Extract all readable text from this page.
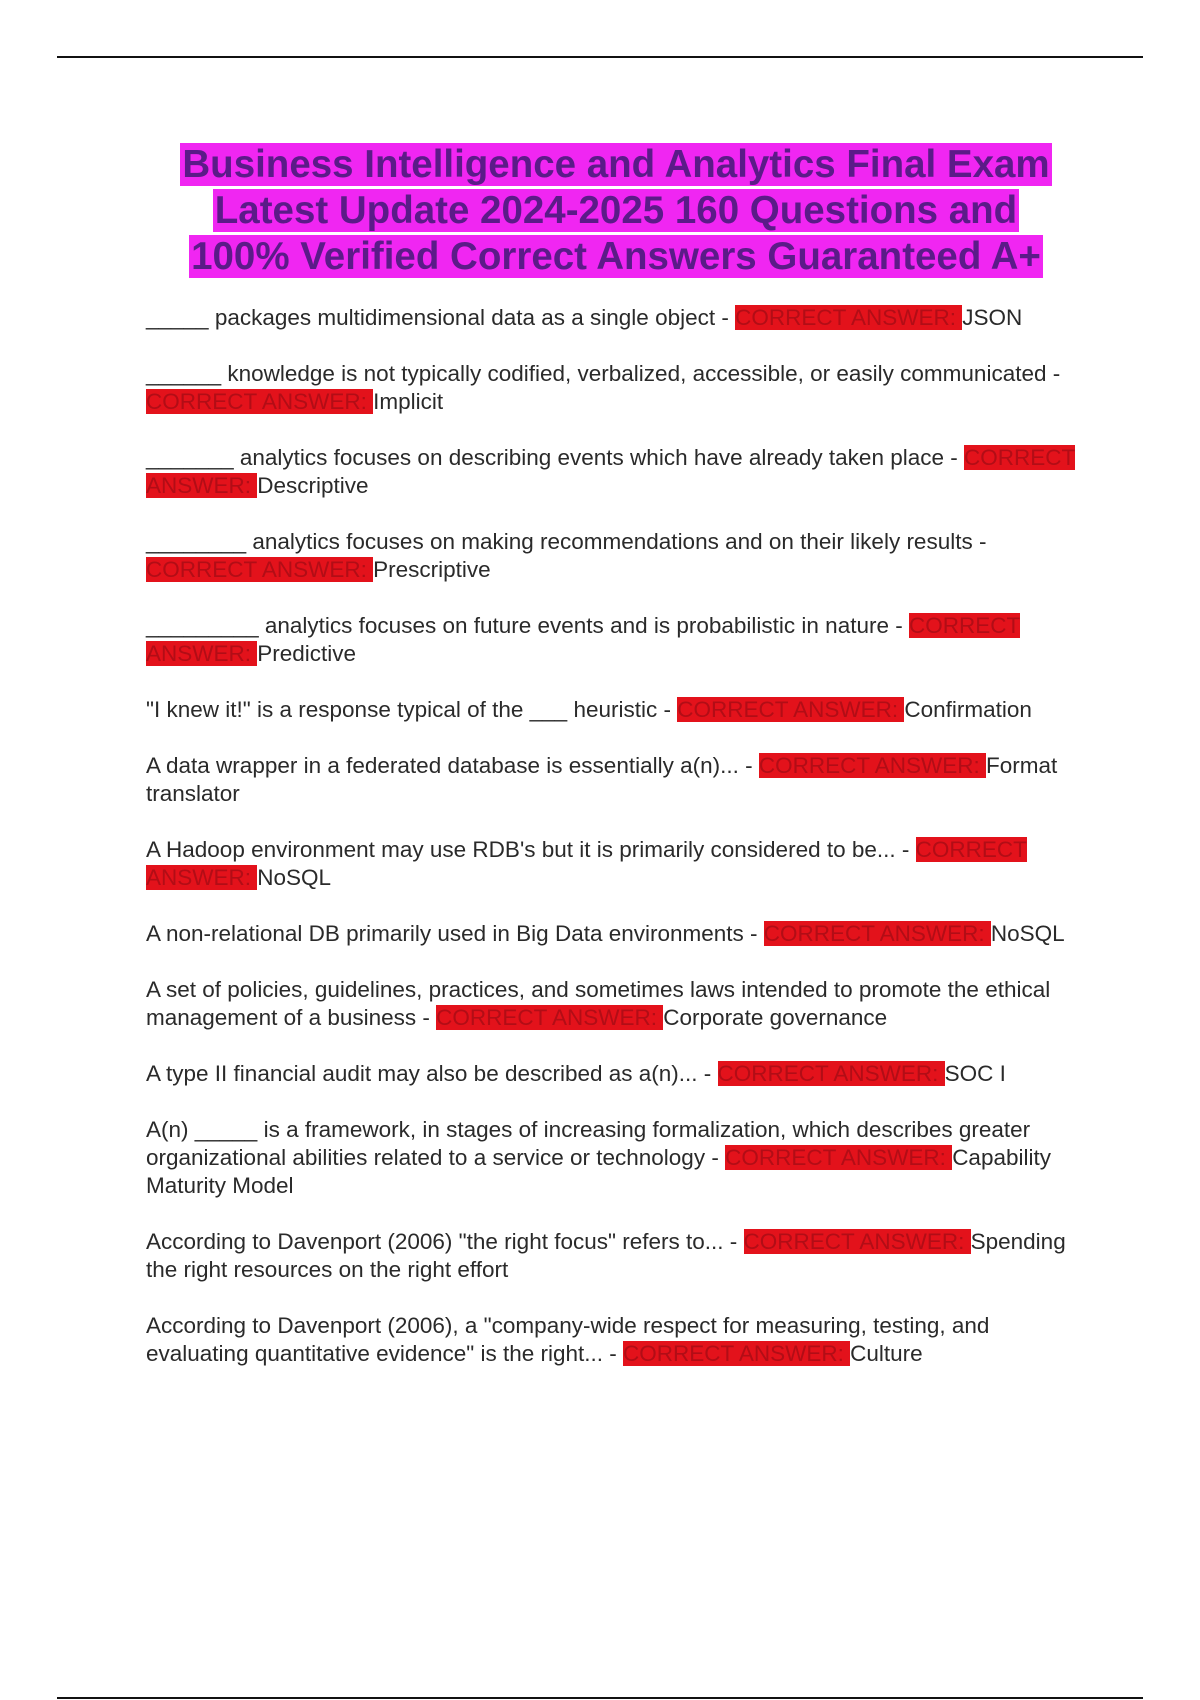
Business Intelligence and Analytics Final Exam
Latest Update 2024-2025 160 Questions and
100% Verified Correct Answers Guaranteed A+
_____ packages multidimensional data as a single object - CORRECT ANSWER: JSON
______ knowledge is not typically codified, verbalized, accessible, or easily communicated - CORRECT ANSWER: Implicit
_______ analytics focuses on describing events which have already taken place - CORRECT ANSWER: Descriptive
________ analytics focuses on making recommendations and on their likely results - CORRECT ANSWER: Prescriptive
_________ analytics focuses on future events and is probabilistic in nature - CORRECT ANSWER: Predictive
"I knew it!" is a response typical of the ___ heuristic - CORRECT ANSWER: Confirmation
A data wrapper in a federated database is essentially a(n)... - CORRECT ANSWER: Format translator
A Hadoop environment may use RDB's but it is primarily considered to be... - CORRECT ANSWER: NoSQL
A non-relational DB primarily used in Big Data environments - CORRECT ANSWER: NoSQL
A set of policies, guidelines, practices, and sometimes laws intended to promote the ethical management of a business - CORRECT ANSWER: Corporate governance
A type II financial audit may also be described as a(n)... - CORRECT ANSWER: SOC I
A(n) _____ is a framework, in stages of increasing formalization, which describes greater organizational abilities related to a service or technology - CORRECT ANSWER: Capability Maturity Model
According to Davenport (2006) "the right focus" refers to... - CORRECT ANSWER: Spending the right resources on the right effort
According to Davenport (2006), a "company-wide respect for measuring, testing, and evaluating quantitative evidence" is the right... - CORRECT ANSWER: Culture
